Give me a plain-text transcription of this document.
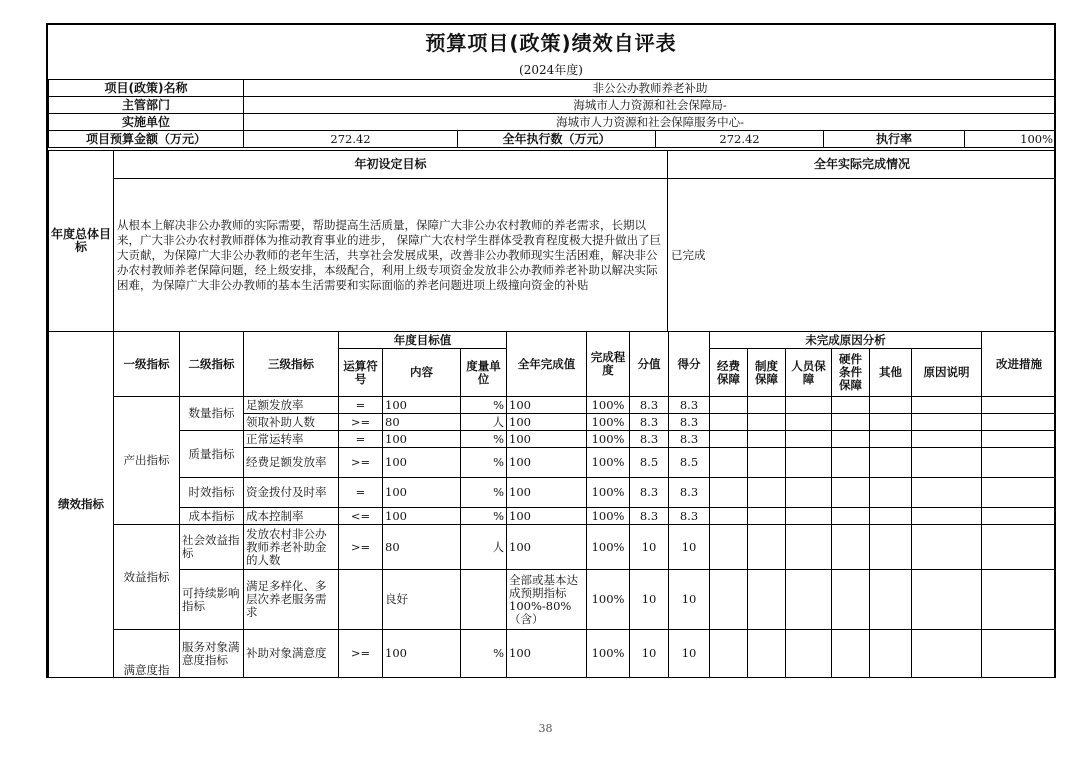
预算项目(政策)绩效自评表
(2024年度)
项目(政策)名称	非公公办教师养老补助				
主管部门	海城市人力资源和社会保障局-				
实施单位	海城市人力资源和社会保障服务中心-				
项目预算金额（万元）	272.42	全年执行数（万元）	272.42	执行率	100%
年度总体目标	年初设定目标	全年实际完成情况
	从根本上解决非公办教师的实际需要，帮助提高生活质量，保障广大非公办农村教师的养老需求，长期以来，广大非公办农村教师群体为推动教育事业的进步， 保障广大农村学生群体受教育程度极大提升做出了巨大贡献，为保障广大非公办教师的老年生活，共享社会发展成果，改善非公办教师现实生活困难，解决非公办农村教师养老保障问题，经上级安排，本级配合，利用上级专项资金发放非公办教师养老补助以解决实际困难，为保障广大非公办教师的基本生活需要和实际面临的养老问题进项上级撞向资金的补贴	已完成
绩效指标	一级指标	二级指标	三级指标	年度目标值			全年完成值	完成程度	分值	得分	未完成原因分析						改进措施
				运算符号	内容	度量单位					经费保障	制度保障	人员保障	硬件条件保障	其他	原因说明	
	产出指标	数量指标	足额发放率	=	100	%	100	100%	8.3	8.3							
			领取补助人数	>=	80	人	100	100%	8.3	8.3							
		质量指标	正常运转率	=	100	%	100	100%	8.3	8.3							
			经费足额发放率	>=	100	%	100	100%	8.5	8.5							
		时效指标	资金拨付及时率	=	100	%	100	100%	8.3	8.3							
		成本指标	成本控制率	<=	100	%	100	100%	8.3	8.3							
	效益指标	社会效益指标	发放农村非公办教师养老补助金的人数	>=	80	人	100	100%	10	10							
		可持续影响指标	满足多样化、多层次养老服务需求		良好		全部或基本达成预期指标100%-80%（含）	100%	10	10							
	满意度指	服务对象满意度指标	补助对象满意度	>=	100	%	100	100%	10	10							
38
